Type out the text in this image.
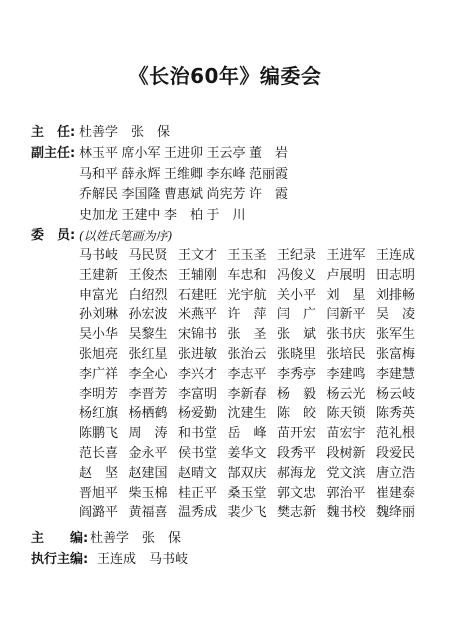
《长治60年》编委会
主　任: 杜善学　张　保
副主任: 林玉平 席小军 王进卯 王云亭 董　岩
马和平 薛永辉 王维卿 李东峰 范丽霞
乔解民 李国隆 曹惠斌 尚宪芳 许　霞
史加龙 王建中 李　柏 于　川
委　员: (以姓氏笔画为序)
马书岐 马民贤 王文才 王玉圣 王纪录 王进军 王连成
王建新 王俊杰 王辅刚 车忠和 冯俊义 卢展明 田志明
申富光 白绍烈 石建旺 光宇航 关小平 刘　星 刘排畅
孙刘琳 孙宏波 米燕平 许　萍 闫　广 闫新平 吴　凌
吴小华 吴黎生 宋锦书 张　圣 张　斌 张书庆 张军生
张旭亮 张红星 张进敏 张治云 张晓里 张培民 张富梅
李广祥 李全心 李兴才 李志平 李秀亭 李建鸣 李建慧
李明芳 李晋芳 李富明 李新春 杨　毅 杨云光 杨云岐
杨红旗 杨栖鹤 杨爱勤 沈建生 陈　皎 陈天锁 陈秀英
陈鹏飞 周　涛 和书堂 岳　峰 苗开宏 苗宏宇 范礼根
范长喜 金永平 侯书堂 姜华文 段秀平 段树新 段爱民
赵　坚 赵建国 赵晴文 郜双庆 郝海龙 党文滨 唐立浩
晋旭平 柴玉棉 桂正平 桑玉堂 郭文忠 郭治平 崔建泰
阎潞平 黄福喜 温秀成 裴少飞 樊志新 魏书校 魏绛丽
主　　编: 杜善学　张　保
执行主编: 王连成　马书岐
